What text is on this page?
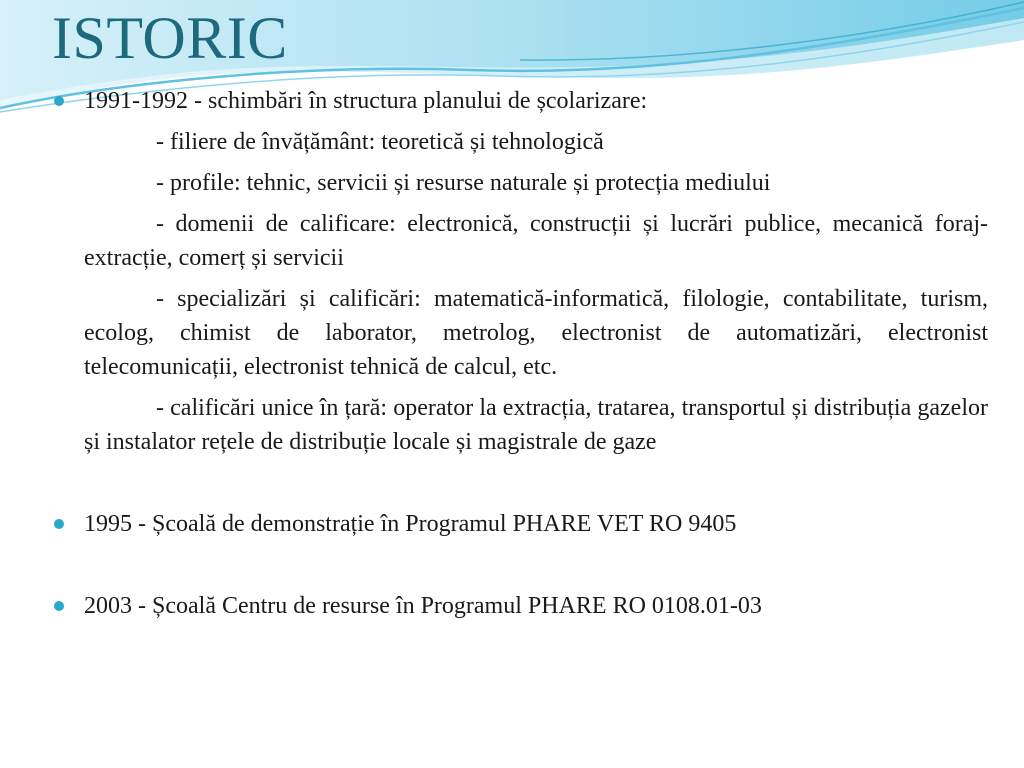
ISTORIC

1991-1992 - schimbări în structura planului de școlarizare:

- filiere de învățământ: teoretică și tehnologică

- profile: tehnic, servicii și resurse naturale și protecția mediului

- domenii de calificare: electronică, construcții și lucrări publice, mecanică foraj-extracție, comerț și servicii

- specializări și calificări: matematică-informatică, filologie, contabilitate, turism, ecolog, chimist de laborator, metrolog, electronist de automatizări, electronist telecomunicații, electronist tehnică de calcul, etc.

- calificări unice în țară: operator la extracția, tratarea, transportul și distribuția gazelor și instalator rețele de distribuție locale și magistrale de gaze

1995 - Școală de demonstrație în Programul PHARE VET RO 9405

2003 - Școală Centru de resurse în Programul PHARE RO 0108.01-03
